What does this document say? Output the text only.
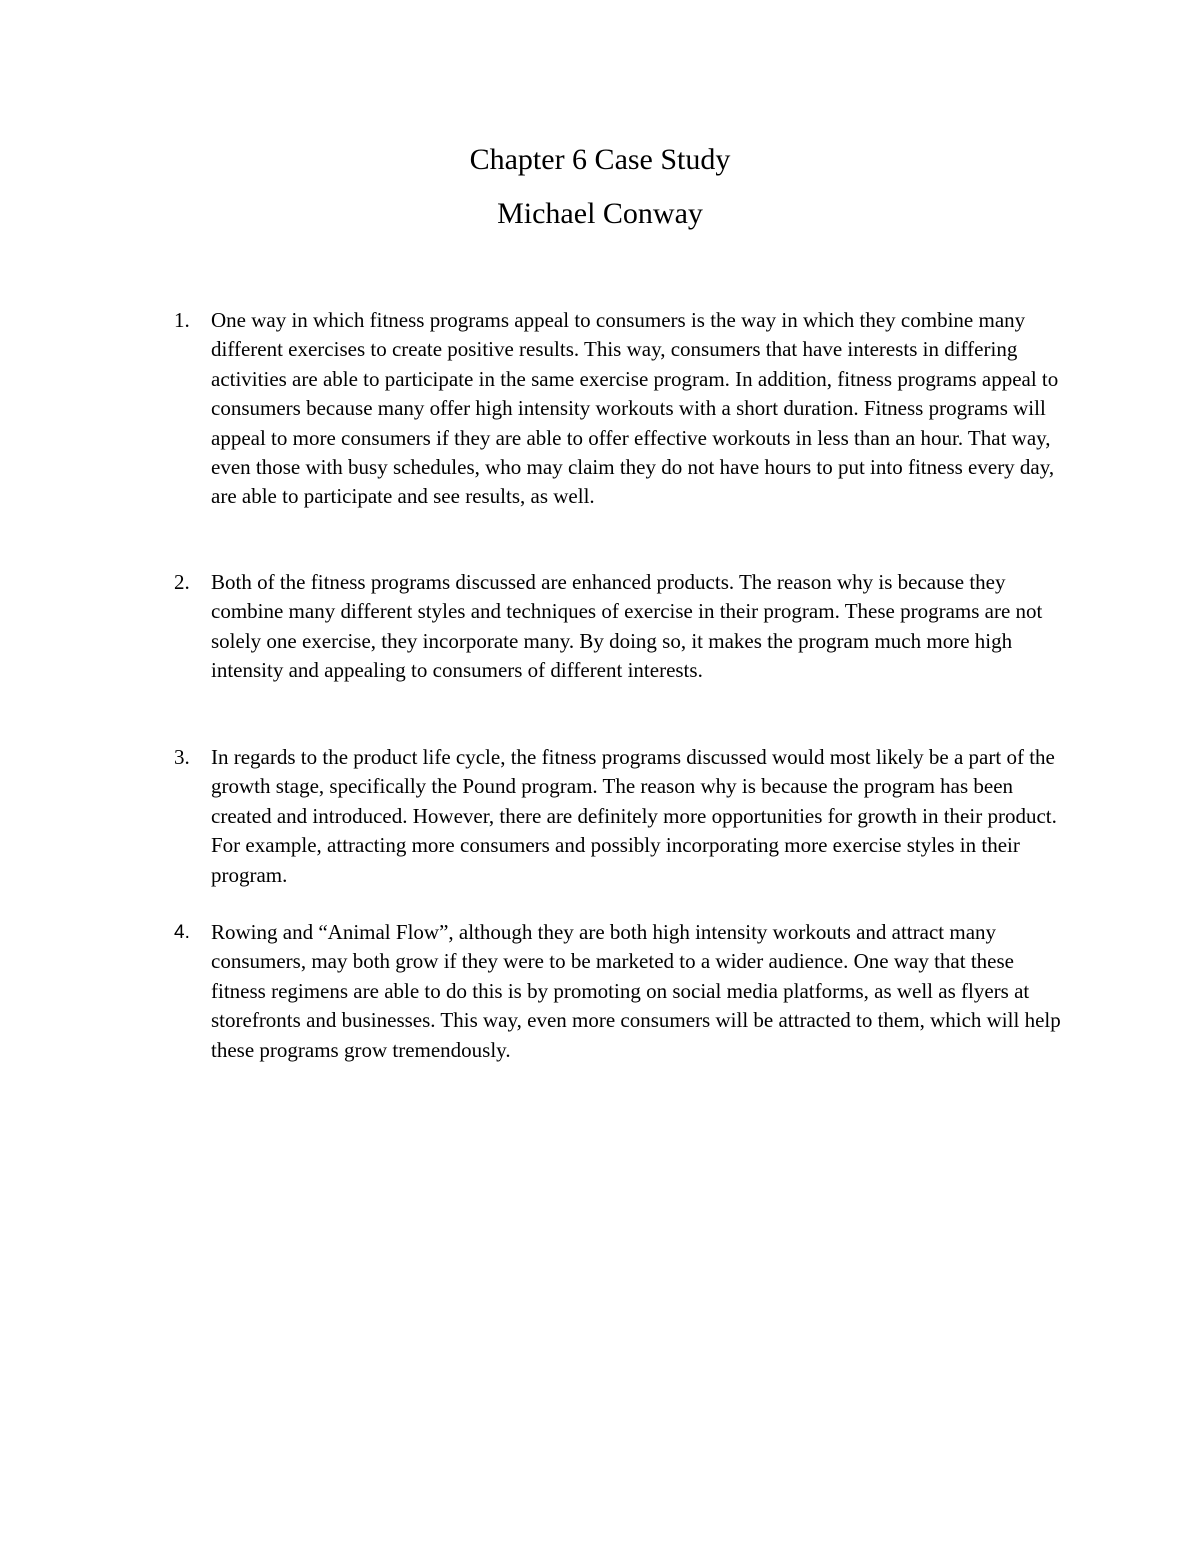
Chapter 6 Case Study
Michael Conway
1. One way in which fitness programs appeal to consumers is the way in which they combine many different exercises to create positive results. This way, consumers that have interests in differing activities are able to participate in the same exercise program. In addition, fitness programs appeal to consumers because many offer high intensity workouts with a short duration. Fitness programs will appeal to more consumers if they are able to offer effective workouts in less than an hour. That way, even those with busy schedules, who may claim they do not have hours to put into fitness every day, are able to participate and see results, as well.

2. Both of the fitness programs discussed are enhanced products. The reason why is because they combine many different styles and techniques of exercise in their program. These programs are not solely one exercise, they incorporate many. By doing so, it makes the program much more high intensity and appealing to consumers of different interests.

3. In regards to the product life cycle, the fitness programs discussed would most likely be a part of the growth stage, specifically the Pound program. The reason why is because the program has been created and introduced. However, there are definitely more opportunities for growth in their product. For example, attracting more consumers and possibly incorporating more exercise styles in their program.

4. Rowing and “Animal Flow”, although they are both high intensity workouts and attract many consumers, may both grow if they were to be marketed to a wider audience. One way that these fitness regimens are able to do this is by promoting on social media platforms, as well as flyers at storefronts and businesses. This way, even more consumers will be attracted to them, which will help these programs grow tremendously.
